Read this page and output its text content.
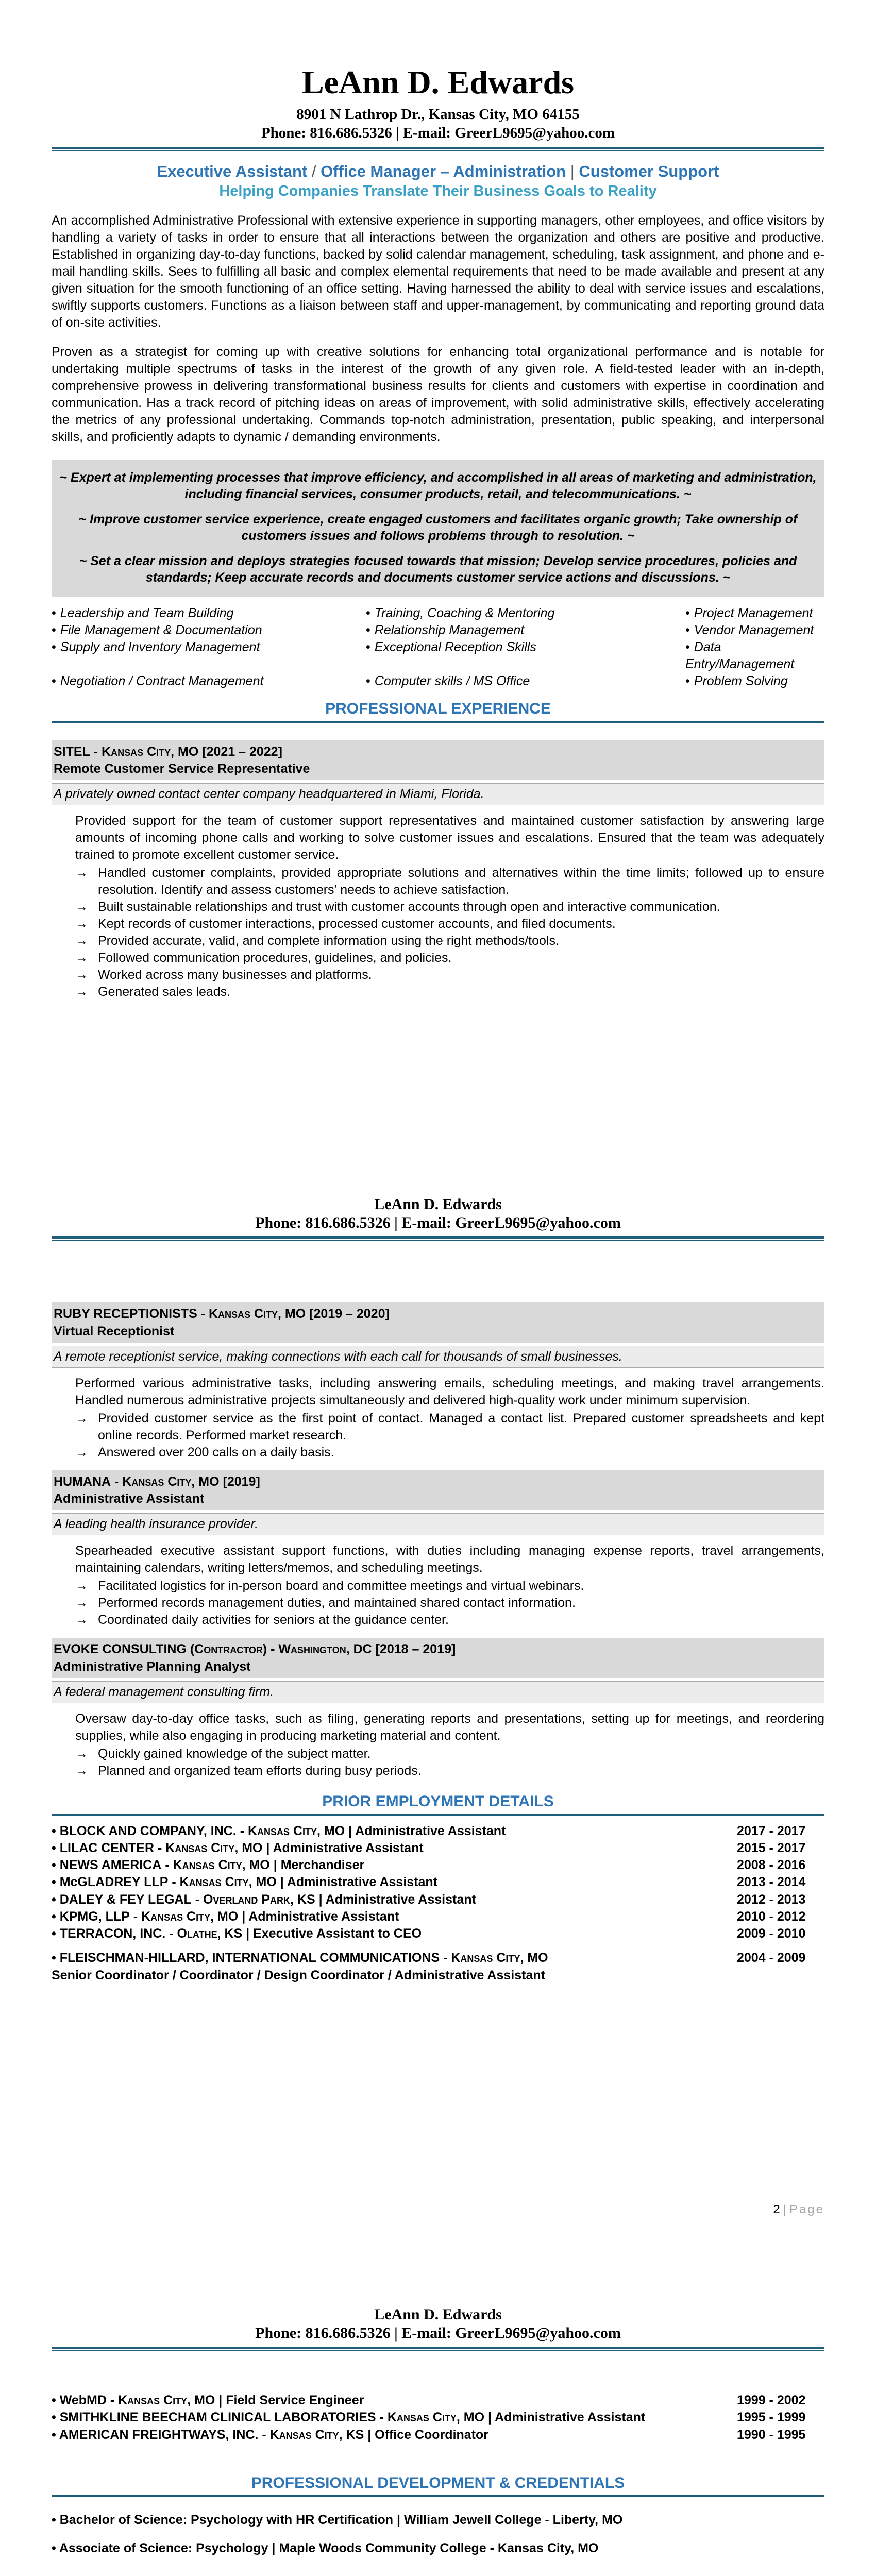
LeAnn D. Edwards
8901 N Lathrop Dr., Kansas City, MO 64155
Phone: 816.686.5326 | E-mail: GreerL9695@yahoo.com
Executive Assistant / Office Manager – Administration | Customer Support
Helping Companies Translate Their Business Goals to Reality
An accomplished Administrative Professional with extensive experience in supporting managers, other employees, and office visitors by handling a variety of tasks in order to ensure that all interactions between the organization and others are positive and productive. Established in organizing day-to-day functions, backed by solid calendar management, scheduling, task assignment, and phone and e-mail handling skills. Sees to fulfilling all basic and complex elemental requirements that need to be made available and present at any given situation for the smooth functioning of an office setting. Having harnessed the ability to deal with service issues and escalations, swiftly supports customers. Functions as a liaison between staff and upper-management, by communicating and reporting ground data of on-site activities.
Proven as a strategist for coming up with creative solutions for enhancing total organizational performance and is notable for undertaking multiple spectrums of tasks in the interest of the growth of any given role. A field-tested leader with an in-depth, comprehensive prowess in delivering transformational business results for clients and customers with expertise in coordination and communication. Has a track record of pitching ideas on areas of improvement, with solid administrative skills, effectively accelerating the metrics of any professional undertaking. Commands top-notch administration, presentation, public speaking, and interpersonal skills, and proficiently adapts to dynamic / demanding environments.

~ Expert at implementing processes that improve efficiency, and accomplished in all areas of marketing and administration, including financial services, consumer products, retail, and telecommunications. ~

~ Improve customer service experience, create engaged customers and facilitates organic growth; Take ownership of customers issues and follows problems through to resolution. ~

~ Set a clear mission and deploys strategies focused towards that mission; Develop service procedures, policies and standards; Keep accurate records and documents customer service actions and discussions. ~

• Leadership and Team Building	• Training, Coaching & Mentoring	• Project Management
• File Management & Documentation	• Relationship Management	• Vendor Management
• Supply and Inventory Management	• Exceptional Reception Skills	• Data Entry/Management
• Negotiation / Contract Management	• Computer skills / MS Office	• Problem Solving
PROFESSIONAL EXPERIENCE
SITEL - Kansas City, MO [2021 – 2022]
Remote Customer Service Representative
A privately owned contact center company headquartered in Miami, Florida.
Provided support for the team of customer support representatives and maintained customer satisfaction by answering large amounts of incoming phone calls and working to solve customer issues and escalations. Ensured that the team was adequately trained to promote excellent customer service.
→ Handled customer complaints, provided appropriate solutions and alternatives within the time limits; followed up to ensure resolution. Identify and assess customers' needs to achieve satisfaction.
→ Built sustainable relationships and trust with customer accounts through open and interactive communication.
→ Kept records of customer interactions, processed customer accounts, and filed documents.
→ Provided accurate, valid, and complete information using the right methods/tools.
→ Followed communication procedures, guidelines, and policies.
→ Worked across many businesses and platforms.
→ Generated sales leads.
LeAnn D. Edwards
Phone: 816.686.5326 | E-mail: GreerL9695@yahoo.com
RUBY RECEPTIONISTS - Kansas City, MO [2019 – 2020]
Virtual Receptionist
A remote receptionist service, making connections with each call for thousands of small businesses.
Performed various administrative tasks, including answering emails, scheduling meetings, and making travel arrangements. Handled numerous administrative projects simultaneously and delivered high-quality work under minimum supervision.
→ Provided customer service as the first point of contact. Managed a contact list. Prepared customer spreadsheets and kept online records. Performed market research.
→ Answered over 200 calls on a daily basis.
HUMANA - Kansas City, MO [2019]
Administrative Assistant
A leading health insurance provider.
Spearheaded executive assistant support functions, with duties including managing expense reports, travel arrangements, maintaining calendars, writing letters/memos, and scheduling meetings.
→ Facilitated logistics for in-person board and committee meetings and virtual webinars.
→ Performed records management duties, and maintained shared contact information.
→ Coordinated daily activities for seniors at the guidance center.
EVOKE CONSULTING (Contractor) - Washington, DC [2018 – 2019]
Administrative Planning Analyst
A federal management consulting firm.
Oversaw day-to-day office tasks, such as filing, generating reports and presentations, setting up for meetings, and reordering supplies, while also engaging in producing marketing material and content.
→ Quickly gained knowledge of the subject matter.
→ Planned and organized team efforts during busy periods.
PRIOR EMPLOYMENT DETAILS
• BLOCK AND COMPANY, INC. - Kansas City, MO | Administrative Assistant	2017 - 2017
• LILAC CENTER - Kansas City, MO | Administrative Assistant	2015 - 2017
• NEWS AMERICA - Kansas City, MO | Merchandiser	2008 - 2016
• McGLADREY LLP - Kansas City, MO | Administrative Assistant	2013 - 2014
• DALEY & FEY LEGAL - Overland Park, KS | Administrative Assistant	2012 - 2013
• KPMG, LLP - Kansas City, MO | Administrative Assistant	2010 - 2012
• TERRACON, INC. - Olathe, KS | Executive Assistant to CEO	2009 - 2010
• FLEISCHMAN-HILLARD, INTERNATIONAL COMMUNICATIONS - Kansas City, MO	2004 - 2009
Senior Coordinator / Coordinator / Design Coordinator / Administrative Assistant
2 | Page
LeAnn D. Edwards
Phone: 816.686.5326 | E-mail: GreerL9695@yahoo.com
• WebMD - Kansas City, MO | Field Service Engineer	1999 - 2002
• SMITHKLINE BEECHAM CLINICAL LABORATORIES - Kansas City, MO | Administrative Assistant	1995 - 1999
• AMERICAN FREIGHTWAYS, INC. - Kansas City, KS | Office Coordinator	1990 - 1995
PROFESSIONAL DEVELOPMENT & CREDENTIALS
• Bachelor of Science: Psychology with HR Certification | William Jewell College - Liberty, MO
• Associate of Science: Psychology | Maple Woods Community College - Kansas City, MO
